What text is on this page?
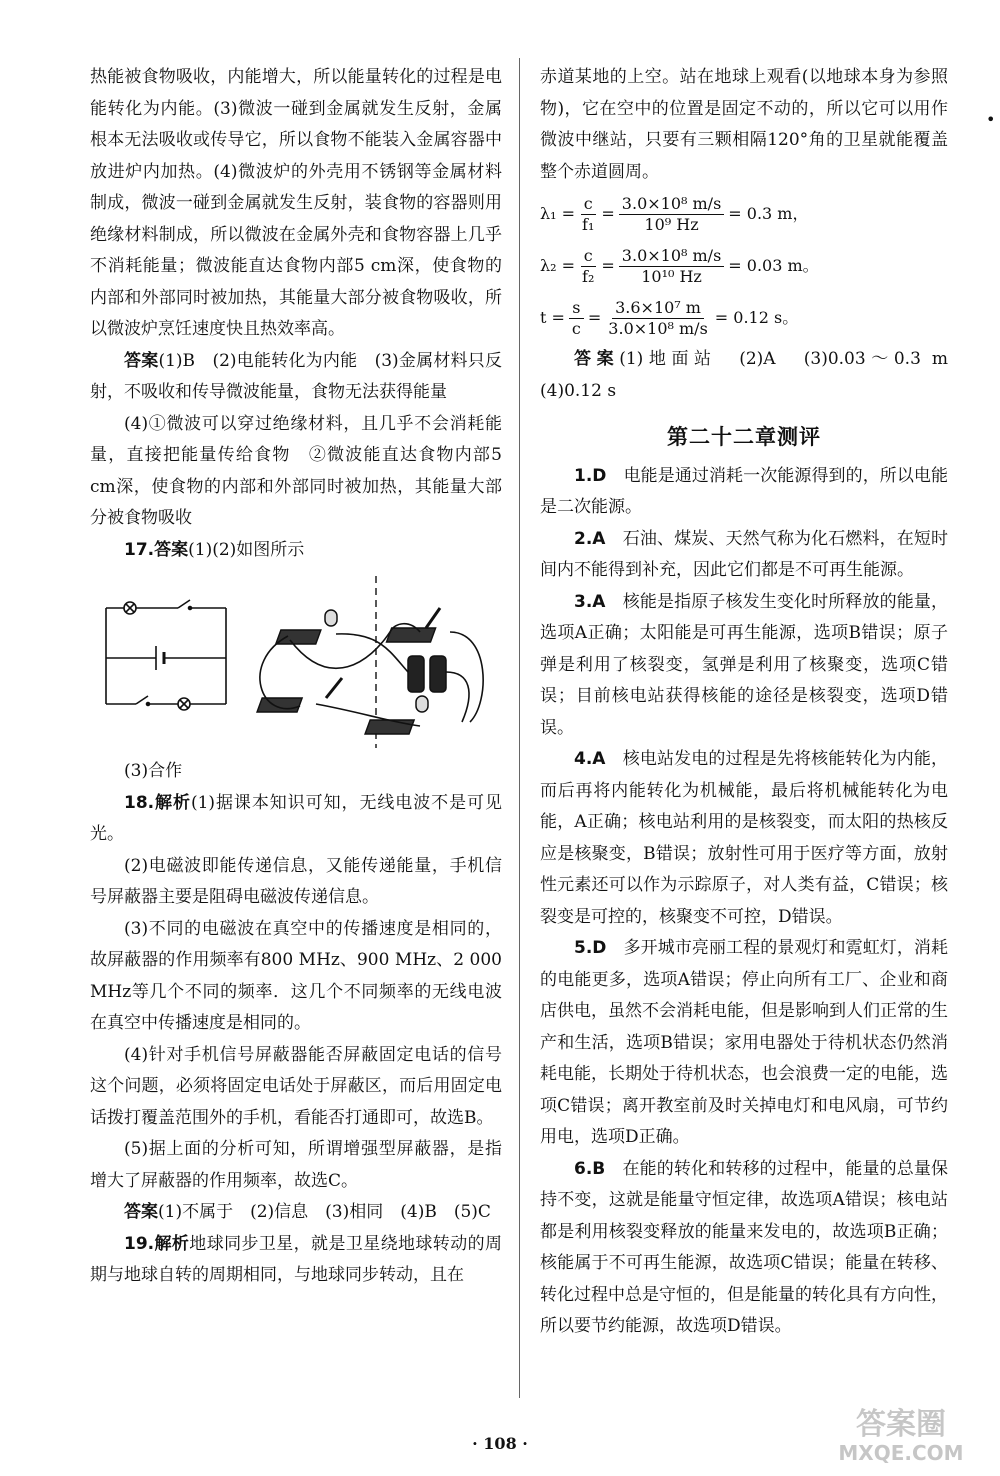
热能被食物吸收，内能增大，所以能量转化的过程是电能转化为内能。(3)微波一碰到金属就发生反射，金属根本无法吸收或传导它，所以食物不能装入金属容器中放进炉内加热。(4)微波炉的外壳用不锈钢等金属材料制成，微波一碰到金属就发生反射，装食物的容器则用绝缘材料制成，所以微波在金属外壳和食物容器上几乎不消耗能量；微波能直达食物内部5 cm深，使食物的内部和外部同时被加热，其能量大部分被食物吸收，所以微波炉烹饪速度快且热效率高。

答案(1)B　(2)电能转化为内能　(3)金属材料只反射，不吸收和传导微波能量，食物无法获得能量

(4)①微波可以穿过绝缘材料，且几乎不会消耗能量，直接把能量传给食物　②微波能直达食物内部5 cm深，使食物的内部和外部同时被加热，其能量大部分被食物吸收

17.答案(1)(2)如图所示

(3)合作

18.解析(1)据课本知识可知，无线电波不是可见光。

(2)电磁波即能传递信息，又能传递能量，手机信号屏蔽器主要是阻碍电磁波传递信息。

(3)不同的电磁波在真空中的传播速度是相同的，故屏蔽器的作用频率有800 MHz、900 MHz、2 000 MHz等几个不同的频率．这几个不同频率的无线电波在真空中传播速度是相同的。

(4)针对手机信号屏蔽器能否屏蔽固定电话的信号这个问题，必须将固定电话处于屏蔽区，而后用固定电话拨打覆盖范围外的手机，看能否打通即可，故选B。

(5)据上面的分析可知，所谓增强型屏蔽器，是指增大了屏蔽器的作用频率，故选C。

答案(1)不属于　(2)信息　(3)相同　(4)B　(5)C

19.解析地球同步卫星，就是卫星绕地球转动的周期与地球自转的周期相同，与地球同步转动，且在

赤道某地的上空。站在地球上观看(以地球本身为参照物)，它在空中的位置是固定不动的，所以它可以用作微波中继站，只要有三颗相隔120°角的卫星就能覆盖整个赤道圆周。

$\lambda_1 = \frac{c}{\text{f₁}} = \frac{\text{3.0×10⁸ m/s}}{\text{10⁹ Hz}} = 0.3$ m，
$\lambda_2 = \frac{c}{\text{f₂}} = \frac{\text{3.0×10⁸ m/s}}{\text{10¹⁰ Hz}} = 0.03$ m。
$t = \frac{s}{c} = \frac{\text{3.6×10⁷ m}}{\text{3.0×10⁸ m/s}} = 0.12$ s。

答案(1)地面站　(2)A　(3)0.03～0.3 m　(4)0.12 s

第二十二章测评

1.D　 电能是通过消耗一次能源得到的，所以电能是二次能源。

2.A　 石油、煤炭、天然气称为化石燃料，在短时间内不能得到补充，因此它们都是不可再生能源。

3.A　 核能是指原子核发生变化时所释放的能量，选项A正确；太阳能是可再生能源，选项B错误；原子弹是利用了核裂变，氢弹是利用了核聚变，选项C错误；目前核电站获得核能的途径是核裂变，选项D错误。

4.A　 核电站发电的过程是先将核能转化为内能，而后再将内能转化为机械能，最后将机械能转化为电能，A正确；核电站利用的是核裂变，而太阳的热核反应是核聚变，B错误；放射性可用于医疗等方面，放射性元素还可以作为示踪原子，对人类有益，C错误；核裂变是可控的，核聚变不可控，D错误。

5.D　 多开城市亮丽工程的景观灯和霓虹灯，消耗的电能更多，选项A错误；停止向所有工厂、企业和商店供电，虽然不会消耗电能，但是影响到人们正常的生产和生活，选项B错误；家用电器处于待机状态仍然消耗电能，长期处于待机状态，也会浪费一定的电能，选项C错误；离开教室前及时关掉电灯和电风扇，可节约用电，选项D正确。

6.B　 在能的转化和转移的过程中，能量的总量保持不变，这就是能量守恒定律，故选项A错误；核电站都是利用核裂变释放的能量来发电的，故选项B正确；核能属于不可再生能源，故选项C错误；能量在转移、转化过程中总是守恒的，但是能量的转化具有方向性，所以要节约能源，故选项D错误。

•
· 108 ·
答案圈
MXQE.COM
